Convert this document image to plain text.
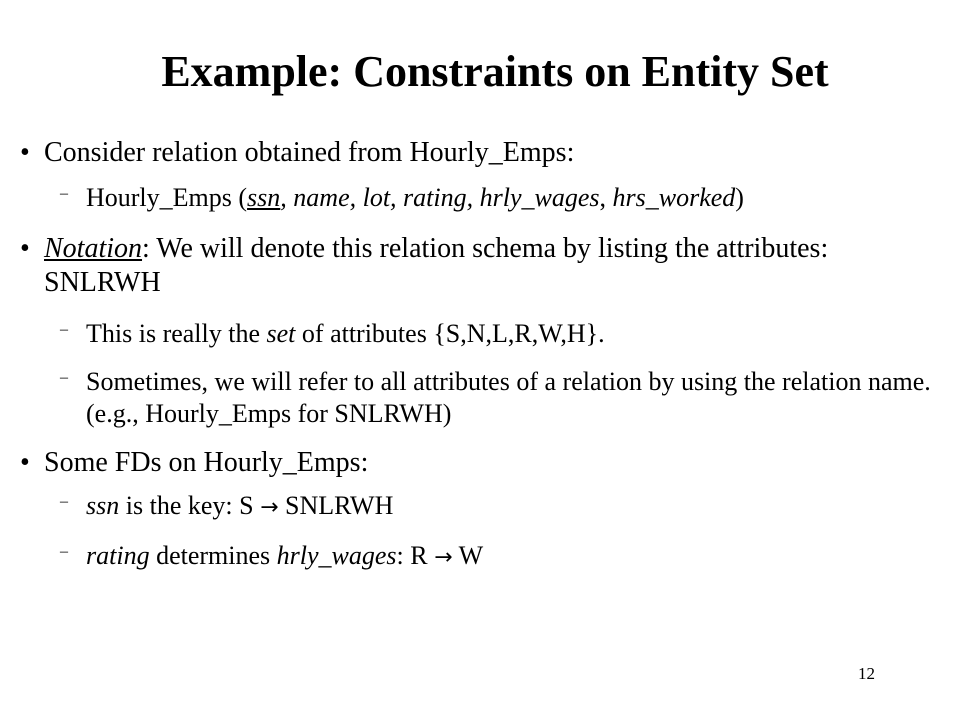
Example: Constraints on Entity Set
• Consider relation obtained from Hourly_Emps:
– Hourly_Emps (ssn, name, lot, rating, hrly_wages, hrs_worked)
• Notation: We will denote this relation schema by listing the attributes: SNLRWH
– This is really the set of attributes {S,N,L,R,W,H}.
– Sometimes, we will refer to all attributes of a relation by using the relation name. (e.g., Hourly_Emps for SNLRWH)
• Some FDs on Hourly_Emps:
– ssn is the key: S → SNLRWH
– rating determines hrly_wages: R → W
12
